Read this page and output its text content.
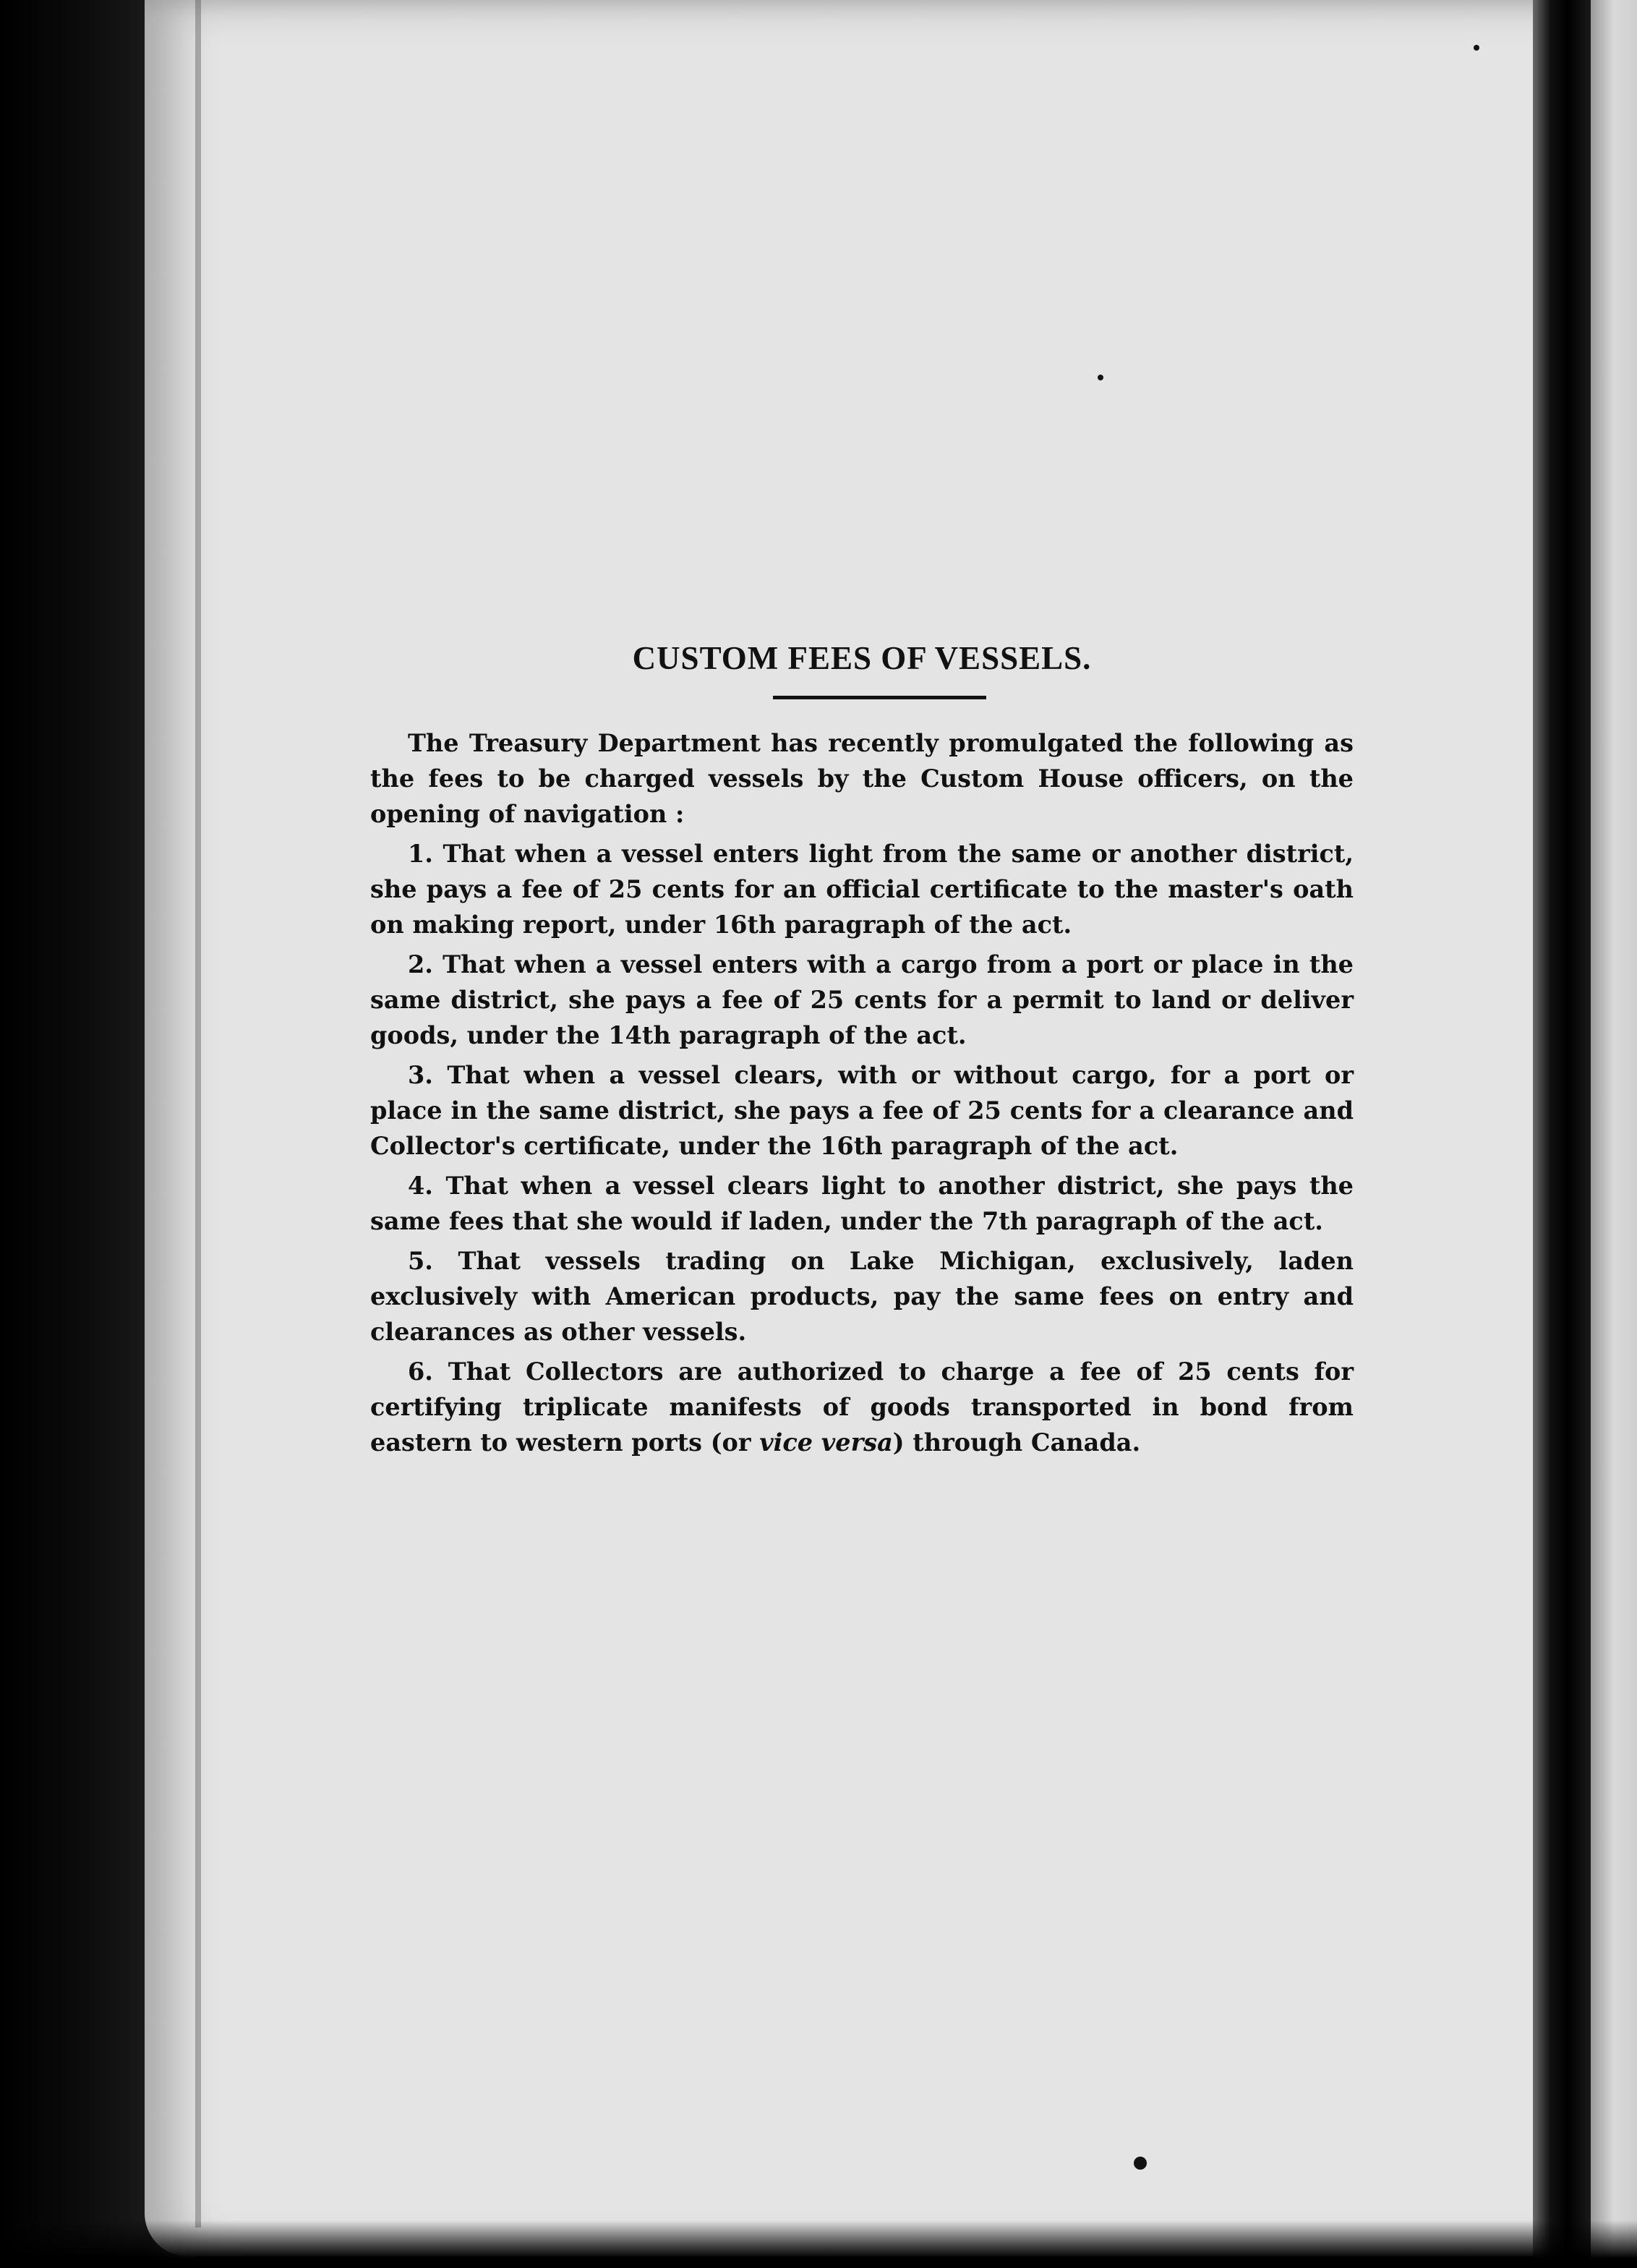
CUSTOM FEES OF VESSELS.

The Treasury Department has recently promulgated the following as the fees to be charged vessels by the Custom House officers, on the opening of navigation :

1. That when a vessel enters light from the same or another district, she pays a fee of 25 cents for an official certificate to the master's oath on making report, under 16th paragraph of the act.

2. That when a vessel enters with a cargo from a port or place in the same district, she pays a fee of 25 cents for a permit to land or deliver goods, under the 14th paragraph of the act.

3. That when a vessel clears, with or without cargo, for a port or place in the same district, she pays a fee of 25 cents for a clearance and Collector's certificate, under the 16th paragraph of the act.

4. That when a vessel clears light to another district, she pays the same fees that she would if laden, under the 7th paragraph of the act.

5. That vessels trading on Lake Michigan, exclusively, laden exclusively with American products, pay the same fees on entry and clearances as other vessels.

6. That Collectors are authorized to charge a fee of 25 cents for certifying triplicate manifests of goods transported in bond from eastern to western ports (or vice versa) through Canada.
